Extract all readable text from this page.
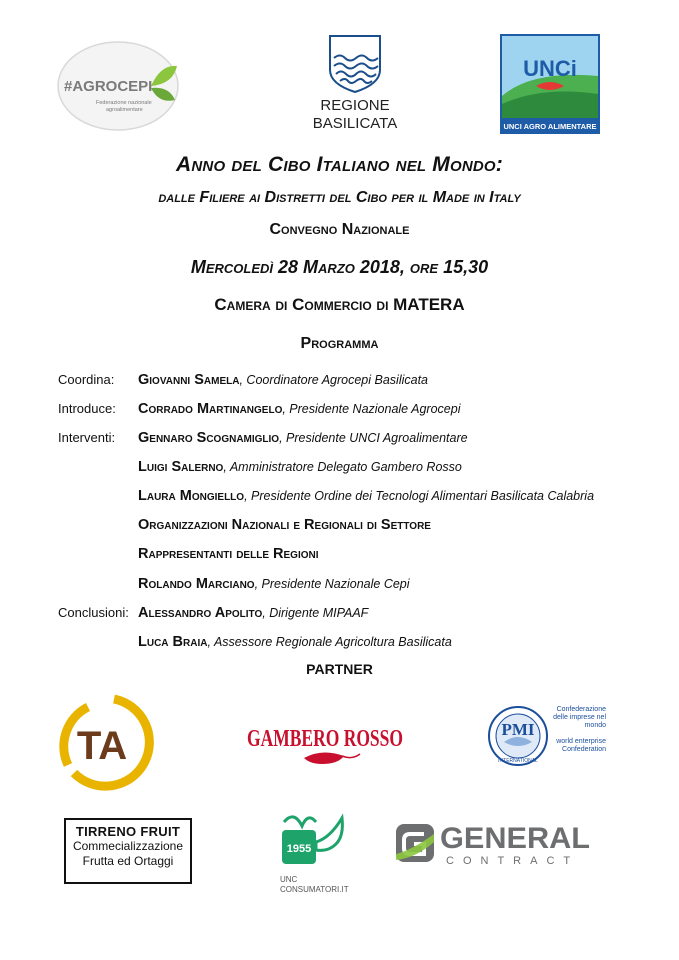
#AGROCEPI
Federazione nazionale
agroalimentare	REGIONE
BASILICATA
UNCi
UNCI AGRO ALIMENTARE
Anno del Cibo Italiano nel Mondo:
dalle Filiere ai Distretti del Cibo per il Made in Italy
Convegno Nazionale
Mercoledì 28 Marzo 2018, ore 15,30
Camera di Commercio di MATERA
Programma
Coordina: Giovanni Samela, Coordinatore Agrocepi Basilicata
Introduce: Corrado Martinangelo, Presidente Nazionale Agrocepi
Interventi: Gennaro Scognamiglio, Presidente UNCI Agroalimentare
Luigi Salerno, Amministratore Delegato Gambero Rosso
Laura Mongiello, Presidente Ordine dei Tecnologi Alimentari Basilicata Calabria
Organizzazioni Nazionali e Regionali di Settore
Rappresentanti delle Regioni
Rolando Marciano, Presidente Nazionale Cepi
Conclusioni: Alessandro Apolito, Dirigente MIPAAF
Luca Braia, Assessore Regionale Agricoltura Basilicata
PARTNER
TA	GAMBERO ROSSO	PMI
INTERNATIONAL
Confederazione delle imprese nel mondo
world enterprise Confederation
TIRRENO FRUIT
Commecializzazione
Frutta ed Ortaggi
1955
UNC
CONSUMATORI.IT
GENERAL
CONTRACT
